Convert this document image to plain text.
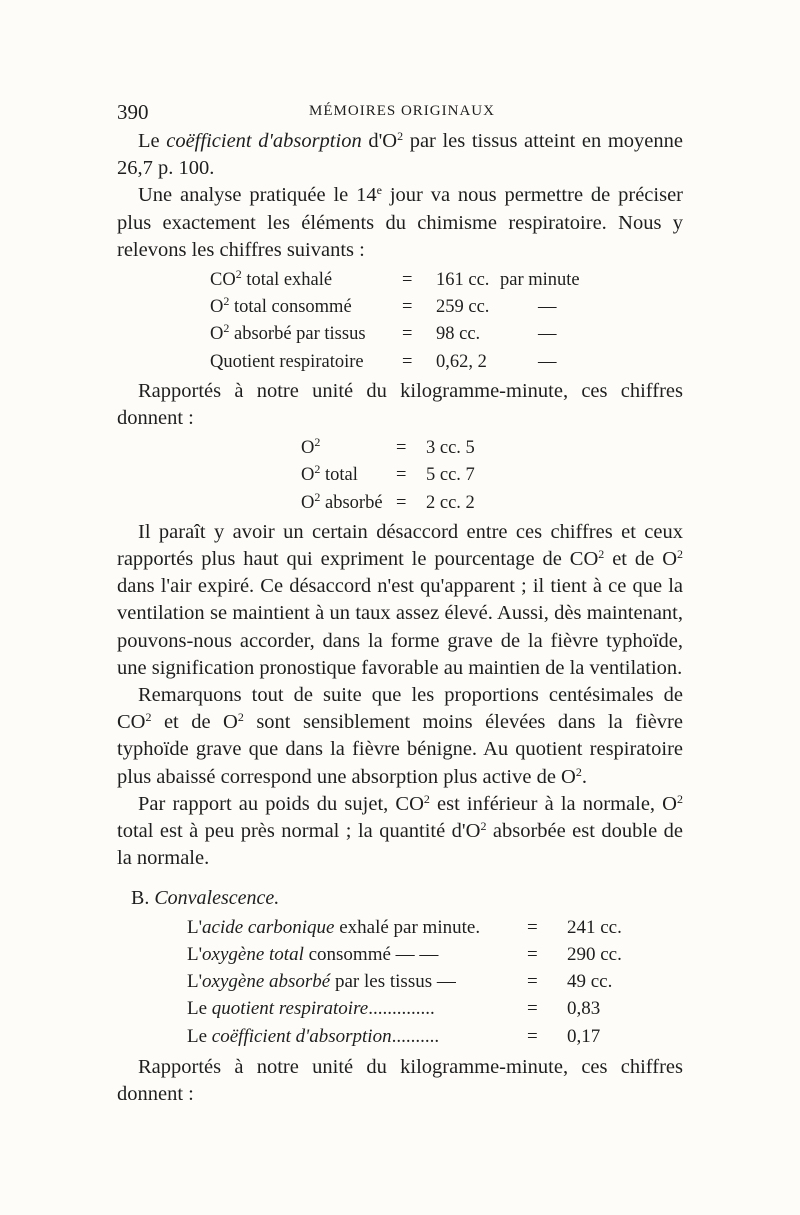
390	MÉMOIRES ORIGINAUX

Le coëfficient d'absorption $d'O^2$ par les tissus atteint en moyenne 26,7 p. 100.

Une analyse pratiquée le 14e jour va nous permettre de préciser plus exactement les éléments du chimisme respiratoire. Nous y relevons les chiffres suivants :

$CO^2$ total exhalé	=	161 cc.	par minute
$O^2$ total consommé	=	259 cc.	—
$O^2$ absorbé par tissus	=	98 cc.	—
Quotient respiratoire	=	0,62, 2	—

Rapportés à notre unité du kilogramme-minute, ces chiffres donnent :

$O^2$	=	3 cc. 5
$O^2$ total	=	5 cc. 7
$O^2$ absorbé	=	2 cc. 2

Il paraît y avoir un certain désaccord entre ces chiffres et ceux rapportés plus haut qui expriment le pourcentage de $CO^2$ et de $O^2$ dans l'air expiré. Ce désaccord n'est qu'apparent ; il tient à ce que la ventilation se maintient à un taux assez élevé. Aussi, dès maintenant, pouvons-nous accorder, dans la forme grave de la fièvre typhoïde, une signification pronostique favorable au maintien de la ventilation.

Remarquons tout de suite que les proportions centésimales de $CO^2$ et de $O^2$ sont sensiblement moins élevées dans la fièvre typhoïde grave que dans la fièvre bénigne. Au quotient respiratoire plus abaissé correspond une absorption plus active de $O^2$.

Par rapport au poids du sujet, $CO^2$ est inférieur à la normale, $O^2$ total est à peu près normal ; la quantité $d'O^2$ absorbée est double de la normale.

B. Convalescence.
L'acide carbonique exhalé par minute.	=	241 cc.
L'oxygène total consommé — —	=	290 cc.
L'oxygène absorbé par les tissus —	=	49 cc.
Le quotient respiratoire..............	=	0,83
Le coëfficient d'absorption..........	=	0,17

Rapportés à notre unité du kilogramme-minute, ces chiffres donnent :
